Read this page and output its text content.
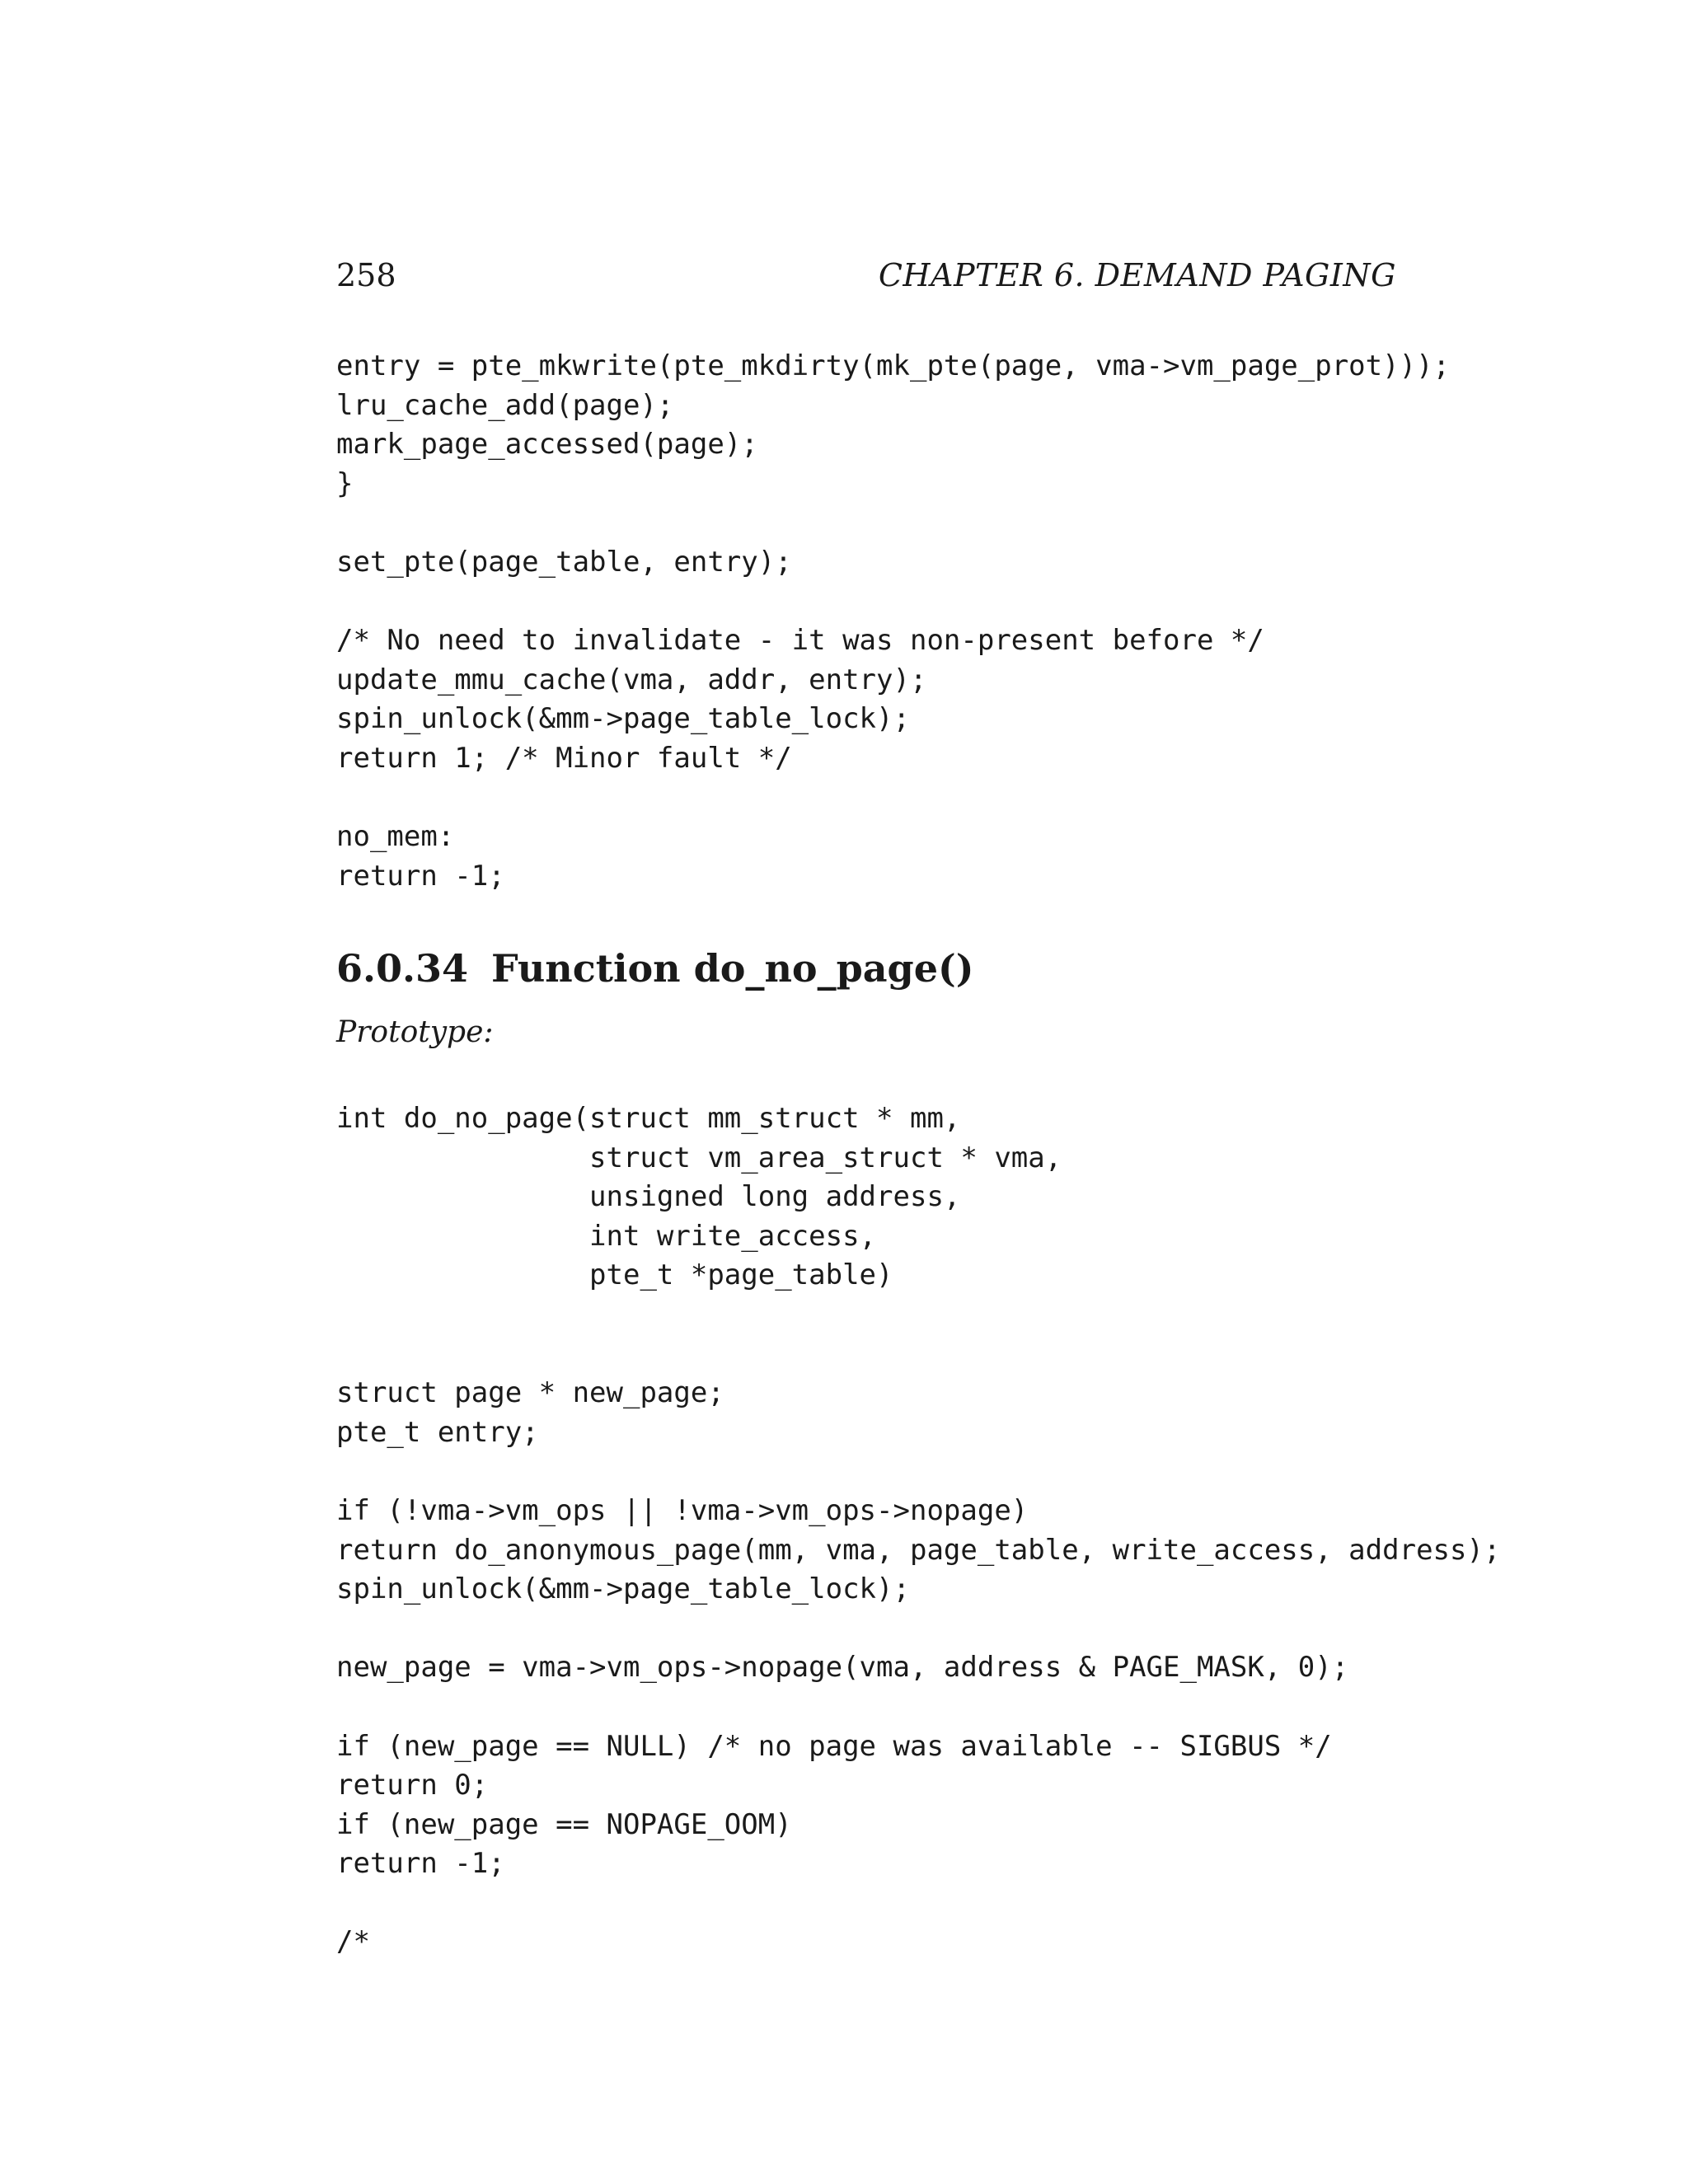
258	CHAPTER 6. DEMAND PAGING
entry = pte_mkwrite(pte_mkdirty(mk_pte(page, vma->vm_page_prot)));
lru_cache_add(page);
mark_page_accessed(page);
}

set_pte(page_table, entry);

/* No need to invalidate - it was non-present before */
update_mmu_cache(vma, addr, entry);
spin_unlock(&mm->page_table_lock);
return 1; /* Minor fault */

no_mem:
return -1;
6.0.34 Function do_no_page()
Prototype:
int do_no_page(struct mm_struct * mm,
struct vm_area_struct * vma,
unsigned long address,
int write_access,
pte_t *page_table)

struct page * new_page;
pte_t entry;

if (!vma->vm_ops || !vma->vm_ops->nopage)
return do_anonymous_page(mm, vma, page_table, write_access, address);
spin_unlock(&mm->page_table_lock);

new_page = vma->vm_ops->nopage(vma, address & PAGE_MASK, 0);

if (new_page == NULL) /* no page was available -- SIGBUS */
return 0;
if (new_page == NOPAGE_OOM)
return -1;

/*
